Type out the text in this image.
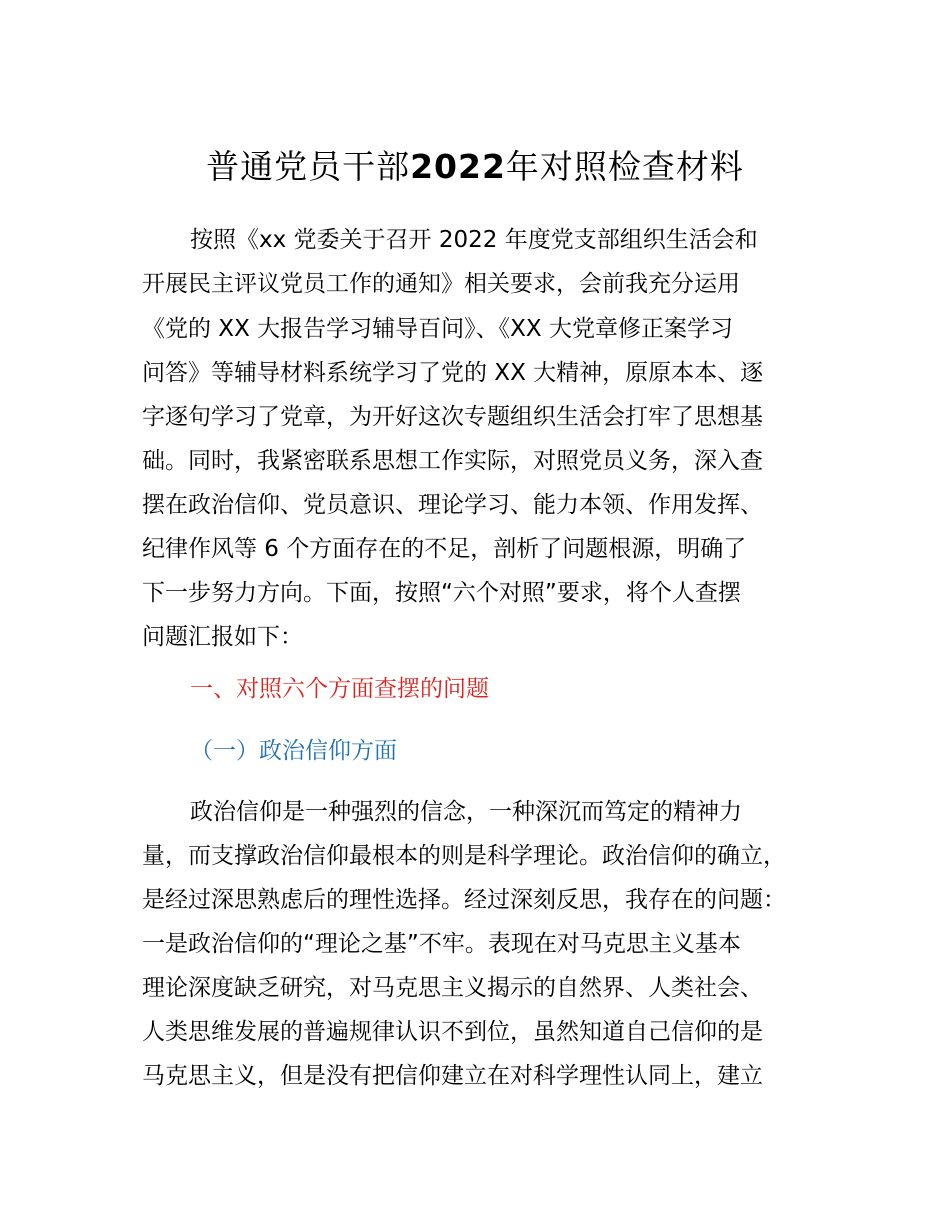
普通党员干部2022年对照检查材料
按照《xx 党委关于召开 2022 年度党支部组织生活会和
开展民主评议党员工作的通知》相关要求，会前我充分运用
《党的 XX 大报告学习辅导百问》、《XX 大党章修正案学习
问答》等辅导材料系统学习了党的 XX 大精神，原原本本、逐
字逐句学习了党章，为开好这次专题组织生活会打牢了思想基
础。同时，我紧密联系思想工作实际，对照党员义务，深入查
摆在政治信仰、党员意识、理论学习、能力本领、作用发挥、
纪律作风等 6 个方面存在的不足，剖析了问题根源，明确了
下一步努力方向。下面，按照“六个对照”要求，将个人查摆
问题汇报如下：
一、对照六个方面查摆的问题
（一）政治信仰方面
政治信仰是一种强烈的信念，一种深沉而笃定的精神力
量，而支撑政治信仰最根本的则是科学理论。政治信仰的确立，
是经过深思熟虑后的理性选择。经过深刻反思，我存在的问题：
一是政治信仰的“理论之基”不牢。表现在对马克思主义基本
理论深度缺乏研究，对马克思主义揭示的自然界、人类社会、
人类思维发展的普遍规律认识不到位，虽然知道自己信仰的是
马克思主义，但是没有把信仰建立在对科学理性认同上，建立
